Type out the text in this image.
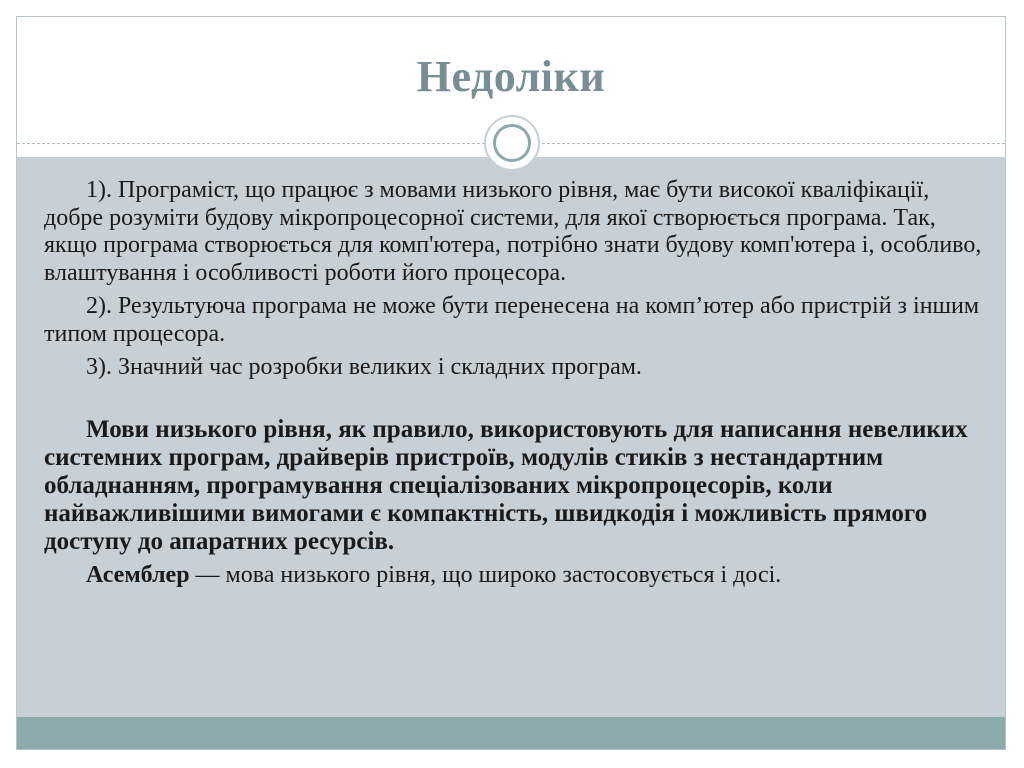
Недоліки

1). Програміст, що працює з мовами низького рівня, має бути високої кваліфікації, добре розуміти будову мікропроцесорної системи, для якої створюється програма. Так, якщо програма створюється для комп'ютера, потрібно знати будову комп'ютера і, особливо, влаштування і особливості роботи його процесора.

2). Результуюча програма не може бути перенесена на комп’ютер або пристрій з іншим типом процесора.

3). Значний час розробки великих і складних програм.

Мови низького рівня, як правило, використовують для написання невеликих системних програм, драйверів пристроїв, модулів стиків з нестандартним обладнанням, програмування спеціалізованих мікропроцесорів, коли найважливішими вимогами є компактність, швидкодія і можливість прямого доступу до апаратних ресурсів.

Асемблер — мова низького рівня, що широко застосовується і досі.
